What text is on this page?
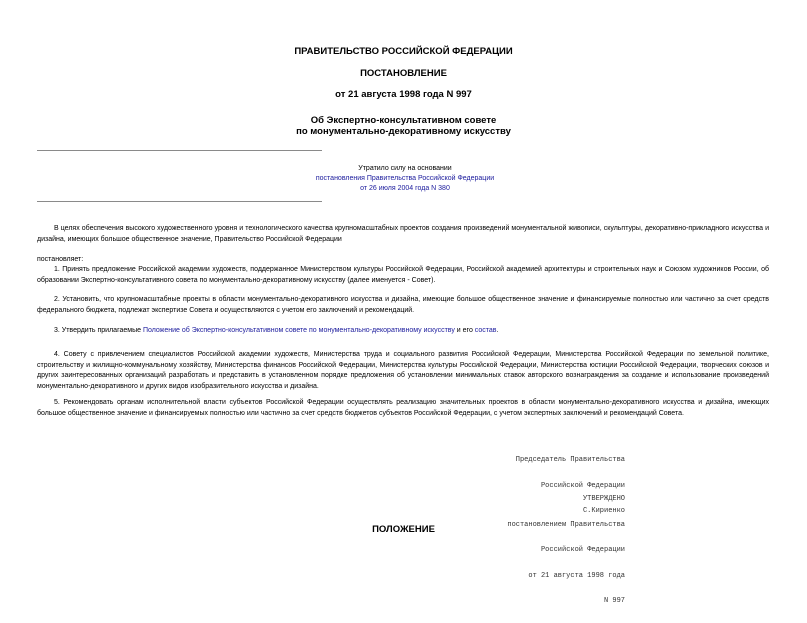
ПРАВИТЕЛЬСТВО РОССИЙСКОЙ ФЕДЕРАЦИИ
ПОСТАНОВЛЕНИЕ
от 21 августа 1998 года N 997
Об Экспертно-консультативном совете
по монументально-декоративному искусству
Утратило силу на основании
постановления Правительства Российской Федерации
от 26 июля 2004 года N 380
В целях обеспечения высокого художественного уровня и технологического качества крупномасштабных проектов создания произведений монументальной живописи, скульптуры, декоративно-прикладного искусства и дизайна, имеющих большое общественное значение, Правительство Российской Федерации
постановляет:
1. Принять предложение Российской академии художеств, поддержанное Министерством культуры Российской Федерации, Российской академией архитектуры и строительных наук и Союзом художников России, об образовании Экспертно-консультативного совета по монументально-декоративному искусству (далее именуется - Совет).
2. Установить, что крупномасштабные проекты в области монументально-декоративного искусства и дизайна, имеющие большое общественное значение и финансируемые полностью или частично за счет средств федерального бюджета, подлежат экспертизе Совета и осуществляются с учетом его заключений и рекомендаций.
3. Утвердить прилагаемые Положение об Экспертно-консультативном совете по монументально-декоративному искусству и его состав.
4. Совету с привлечением специалистов Российской академии художеств, Министерства труда и социального развития Российской Федерации, Министерства Российской Федерации по земельной политике, строительству и жилищно-коммунальному хозяйству, Министерства финансов Российской Федерации, Министерства культуры Российской Федерации, Министерства юстиции Российской Федерации, творческих союзов и других заинтересованных организаций разработать и представить в установленном порядке предложения об установлении минимальных ставок авторского вознаграждения за создание и использование произведений монументально-декоративного и других видов изобразительного искусства и дизайна.
5. Рекомендовать органам исполнительной власти субъектов Российской Федерации осуществлять реализацию значительных проектов в области монументально-декоративного искусства и дизайна, имеющих большое общественное значение и финансируемых полностью или частично за счет средств бюджетов субъектов Российской Федерации, с учетом экспертных заключений и рекомендаций Совета.

Председатель Правительства

Российской Федерации

С.Кириенко

УТВЕРЖДЕНО

постановлением Правительства

Российской Федерации

от 21 августа 1998 года

N 997

ПОЛОЖЕНИЕ
